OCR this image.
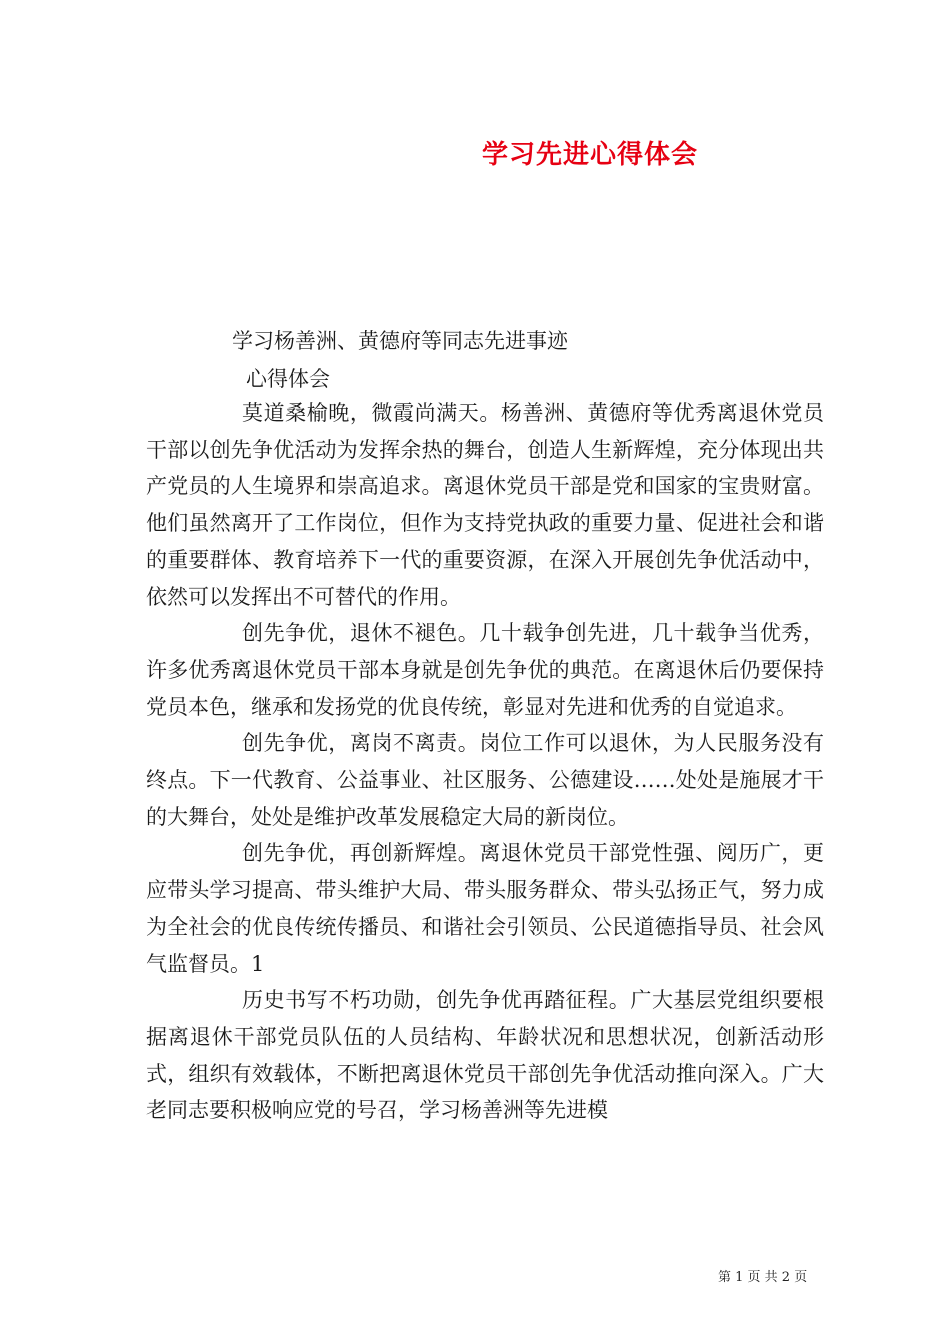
学习先进心得体会
学习杨善洲、黄德府等同志先进事迹
心得体会

莫道桑榆晚，微霞尚满天。杨善洲、黄德府等优秀离退休党员干部以创先争优活动为发挥余热的舞台，创造人生新辉煌，充分体现出共产党员的人生境界和崇高追求。离退休党员干部是党和国家的宝贵财富。他们虽然离开了工作岗位，但作为支持党执政的重要力量、促进社会和谐的重要群体、教育培养下一代的重要资源，在深入开展创先争优活动中，依然可以发挥出不可替代的作用。

创先争优，退休不褪色。几十载争创先进，几十载争当优秀，许多优秀离退休党员干部本身就是创先争优的典范。在离退休后仍要保持党员本色，继承和发扬党的优良传统，彰显对先进和优秀的自觉追求。

创先争优，离岗不离责。岗位工作可以退休，为人民服务没有终点。下一代教育、公益事业、社区服务、公德建设……处处是施展才干的大舞台，处处是维护改革发展稳定大局的新岗位。

创先争优，再创新辉煌。离退休党员干部党性强、阅历广，更应带头学习提高、带头维护大局、带头服务群众、带头弘扬正气，努力成为全社会的优良传统传播员、和谐社会引领员、公民道德指导员、社会风气监督员。1

历史书写不朽功勋，创先争优再踏征程。广大基层党组织要根据离退休干部党员队伍的人员结构、年龄状况和思想状况，创新活动形式，组织有效载体，不断把离退休党员干部创先争优活动推向深入。广大老同志要积极响应党的号召，学习杨善洲等先进模

第 1 页 共 2 页
